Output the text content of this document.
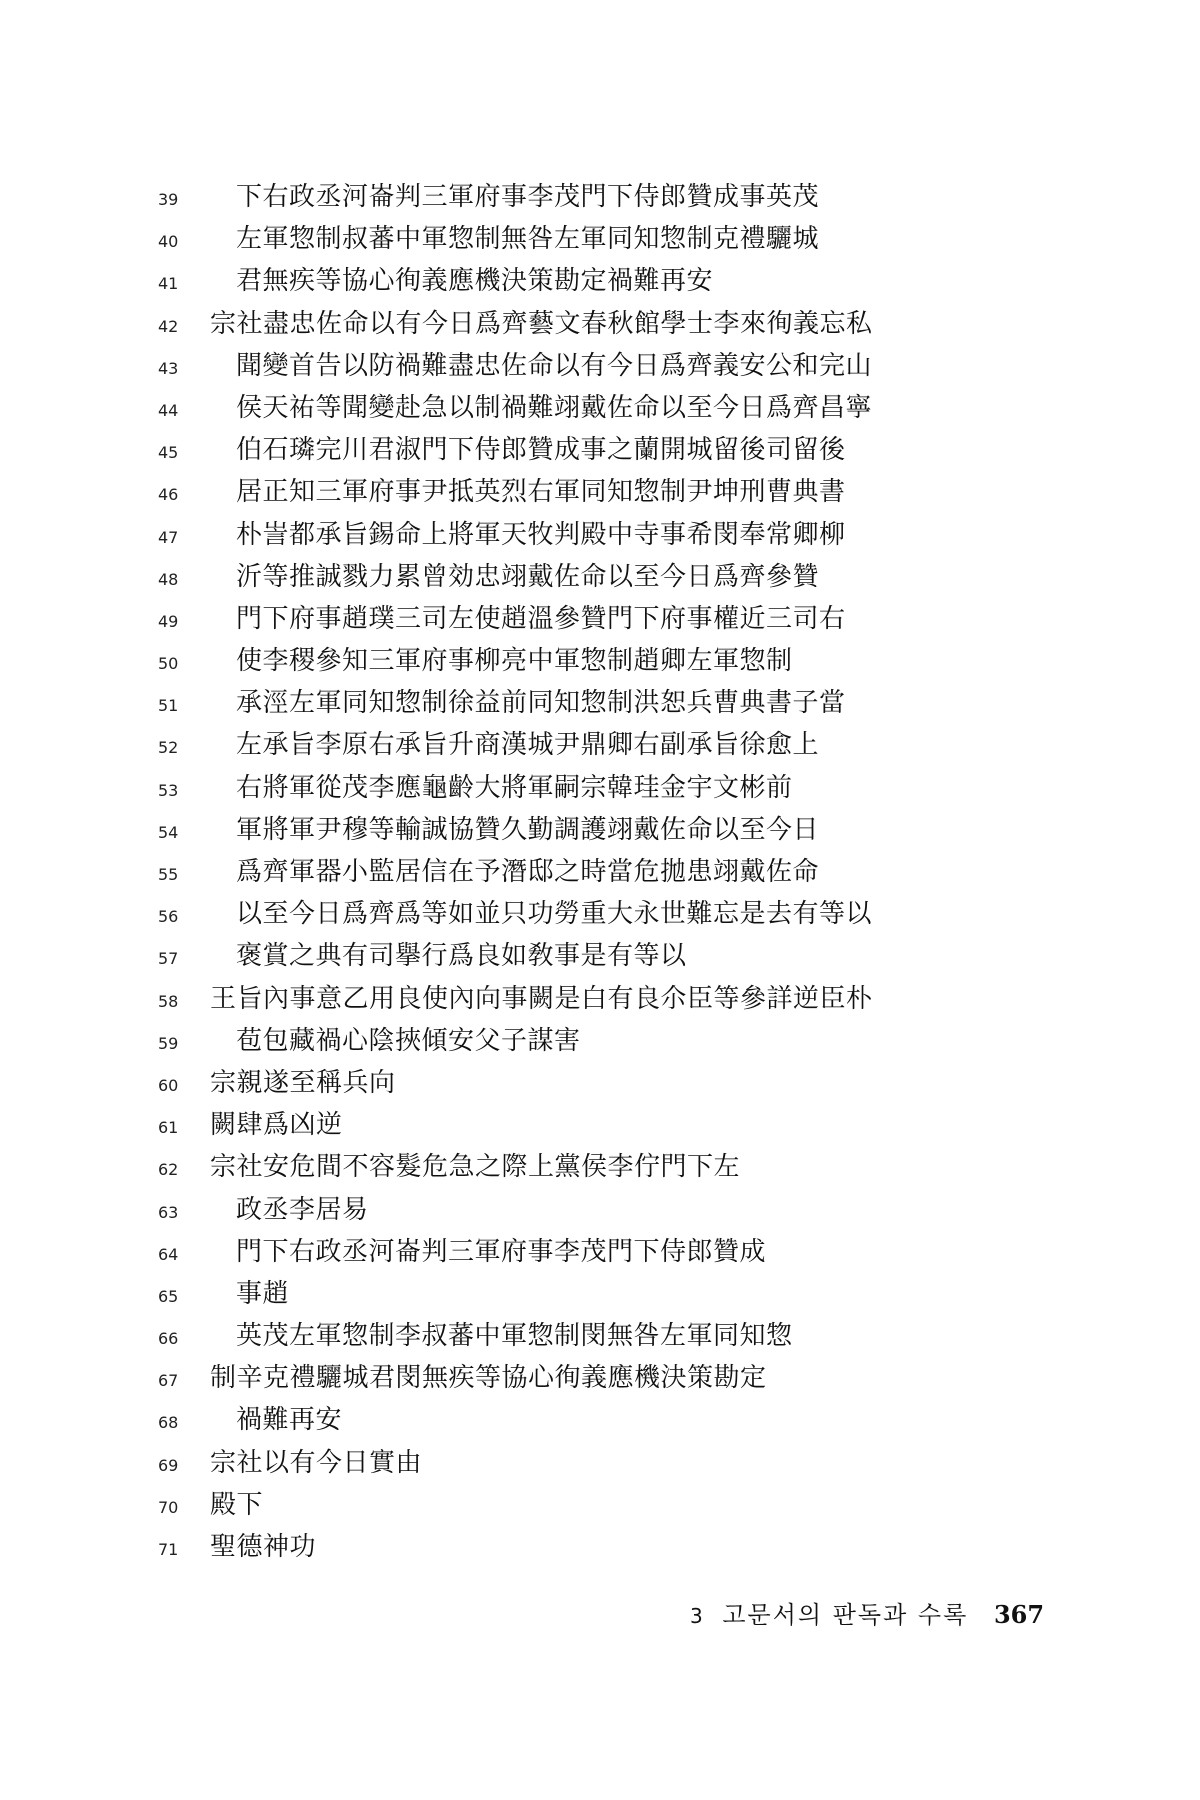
39	下右政丞河崙判三軍府事李茂門下侍郎贊成事英茂
40	左軍惣制叔蕃中軍惣制無咎左軍同知惣制克禮驪城
41	君無疾等協心徇義應機決策勘定禍難再安
42	宗社盡忠佐命以有今日爲齊藝文春秋館學士李來徇義忘私
43	聞變首告以防禍難盡忠佐命以有今日爲齊義安公和完山
44	侯天祐等聞變赴急以制禍難翊戴佐命以至今日爲齊昌寧
45	伯石璘完川君淑門下侍郎贊成事之蘭開城留後司留後
46	居正知三軍府事尹抵英烈右軍同知惣制尹坤刑曹典書
47	朴訔都承旨錫命上將軍天牧判殿中寺事希閔奉常卿柳
48	沂等推誠戮力累曾効忠翊戴佐命以至今日爲齊參贊
49	門下府事趙璞三司左使趙溫參贊門下府事權近三司右
50	使李稷參知三軍府事柳亮中軍惣制趙卿左軍惣制
51	承涇左軍同知惣制徐益前同知惣制洪恕兵曹典書子當
52	左承旨李原右承旨升商漢城尹鼎卿右副承旨徐愈上
53	右將軍從茂李應龜齡大將軍嗣宗韓珪金宇文彬前
54	軍將軍尹穆等輸誠協贊久勤調護翊戴佐命以至今日
55	爲齊軍器小監居信在予潛邸之時當危拋患翊戴佐命
56	以至今日爲齊爲等如並只功勞重大永世難忘是去有等以
57	褒賞之典有司擧行爲良如敎事是有等以
58	王旨內事意乙用良使內向事闕是白有良尒臣等參詳逆臣朴
59	苞包藏禍心陰挾傾安父子謀害
60	宗親遂至稱兵向
61	闕肆爲凶逆
62	宗社安危間不容髮危急之際上黨侯李佇門下左
63	政丞李居易
64	門下右政丞河崙判三軍府事李茂門下侍郎贊成
65	事趙
66	英茂左軍惣制李叔蕃中軍惣制閔無咎左軍同知惣
67	制辛克禮驪城君閔無疾等協心徇義應機決策勘定
68	禍難再安
69	宗社以有今日實由
70	殿下
71	聖德神功
3 고문서의 판독과 수록 367
